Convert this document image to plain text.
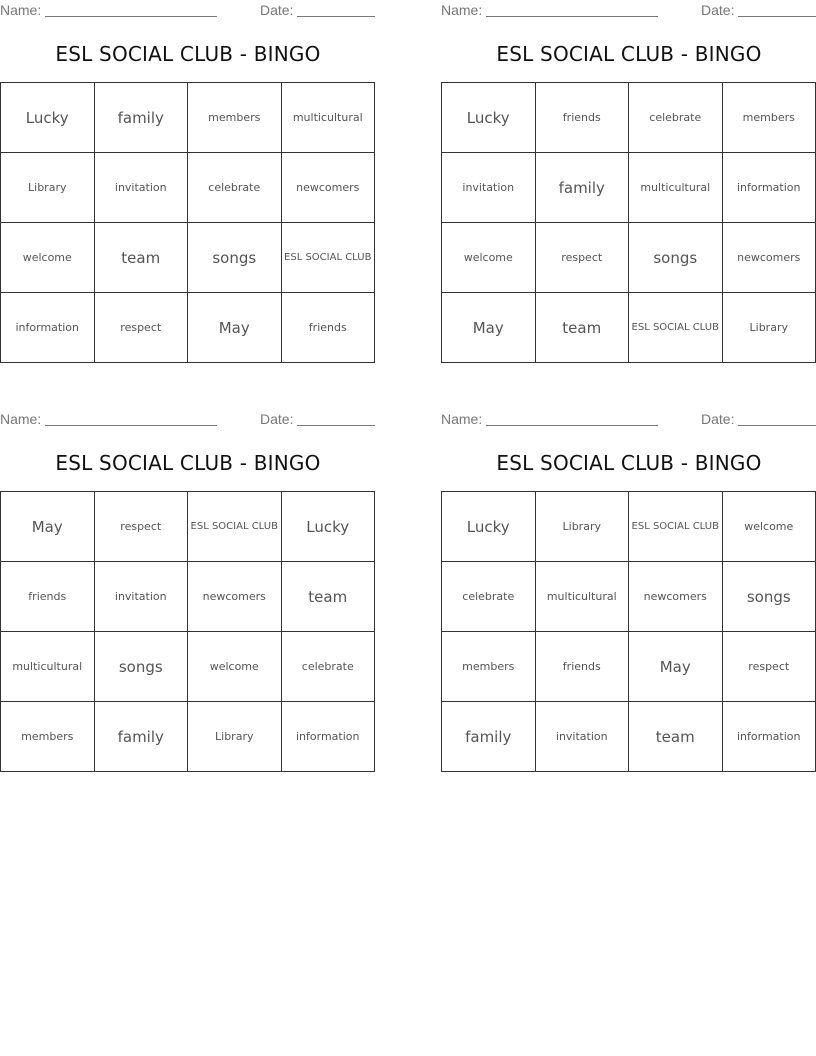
Name:	Date:
ESL SOCIAL CLUB - BINGO
Lucky	family	members	multicultural
Library	invitation	celebrate	newcomers
welcome	team	songs	ESL SOCIAL CLUB
information	respect	May	friends
Name:	Date:
ESL SOCIAL CLUB - BINGO
Lucky	friends	celebrate	members
invitation	family	multicultural	information
welcome	respect	songs	newcomers
May	team	ESL SOCIAL CLUB	Library
Name:	Date:
ESL SOCIAL CLUB - BINGO
May	respect	ESL SOCIAL CLUB	Lucky
friends	invitation	newcomers	team
multicultural	songs	welcome	celebrate
members	family	Library	information
Name:	Date:
ESL SOCIAL CLUB - BINGO
Lucky	Library	ESL SOCIAL CLUB	welcome
celebrate	multicultural	newcomers	songs
members	friends	May	respect
family	invitation	team	information
